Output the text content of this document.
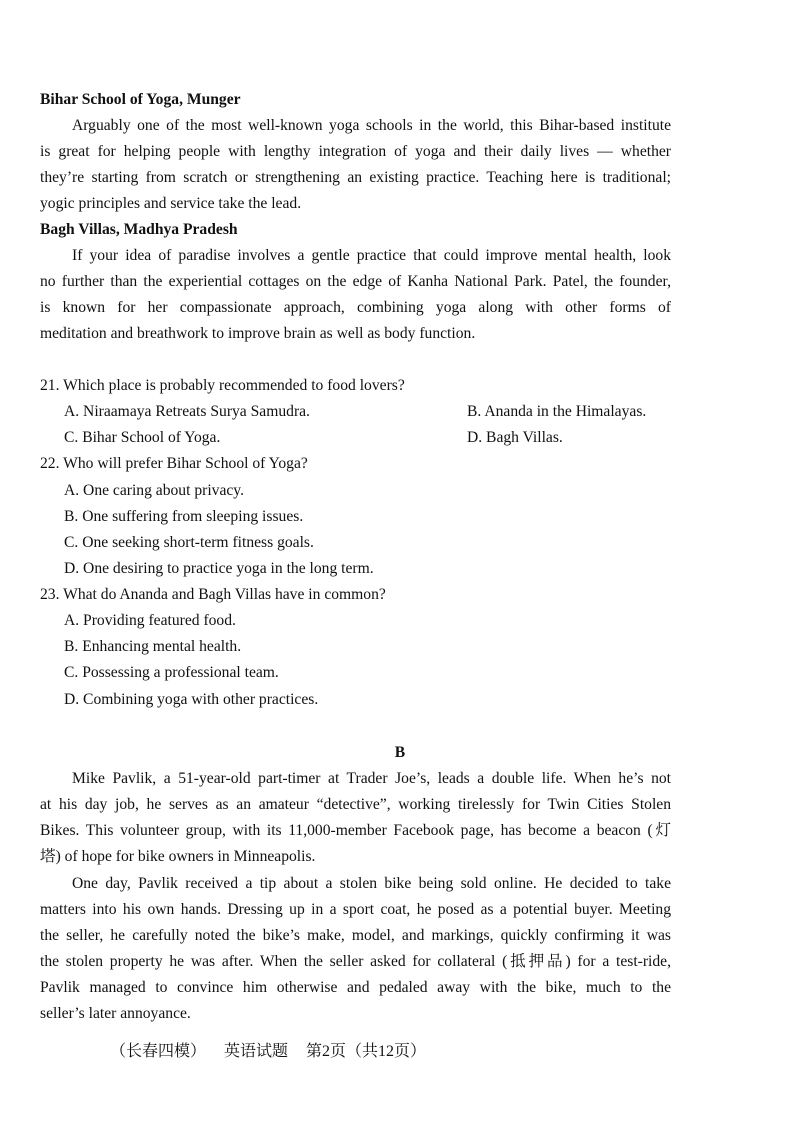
Bihar School of Yoga, Munger
Arguably one of the most well-known yoga schools in the world, this Bihar-based institute
is great for helping people with lengthy integration of yoga and their daily lives — whether
they’re starting from scratch or strengthening an existing practice. Teaching here is traditional;
yogic principles and service take the lead.
Bagh Villas, Madhya Pradesh
If your idea of paradise involves a gentle practice that could improve mental health, look
no further than the experiential cottages on the edge of Kanha National Park. Patel, the founder,
is known for her compassionate approach, combining yoga along with other forms of
meditation and breathwork to improve brain as well as body function.
21. Which place is probably recommended to food lovers?
A. Niraamaya Retreats Surya Samudra.	B. Ananda in the Himalayas.
C. Bihar School of Yoga.	D. Bagh Villas.
22. Who will prefer Bihar School of Yoga?
A. One caring about privacy.
B. One suffering from sleeping issues.
C. One seeking short-term fitness goals.
D. One desiring to practice yoga in the long term.
23. What do Ananda and Bagh Villas have in common?
A. Providing featured food.
B. Enhancing mental health.
C. Possessing a professional team.
D. Combining yoga with other practices.
B
Mike Pavlik, a 51-year-old part-timer at Trader Joe’s, leads a double life. When he’s not
at his day job, he serves as an amateur “detective”, working tirelessly for Twin Cities Stolen
Bikes. This volunteer group, with its 11,000-member Facebook page, has become a beacon (灯
塔) of hope for bike owners in Minneapolis.
One day, Pavlik received a tip about a stolen bike being sold online. He decided to take
matters into his own hands. Dressing up in a sport coat, he posed as a potential buyer. Meeting
the seller, he carefully noted the bike’s make, model, and markings, quickly confirming it was
the stolen property he was after. When the seller asked for collateral (抵押品) for a test-ride,
Pavlik managed to convince him otherwise and pedaled away with the bike, much to the
seller’s later annoyance.
（长春四模） 英语试题 第2页（共12页）
